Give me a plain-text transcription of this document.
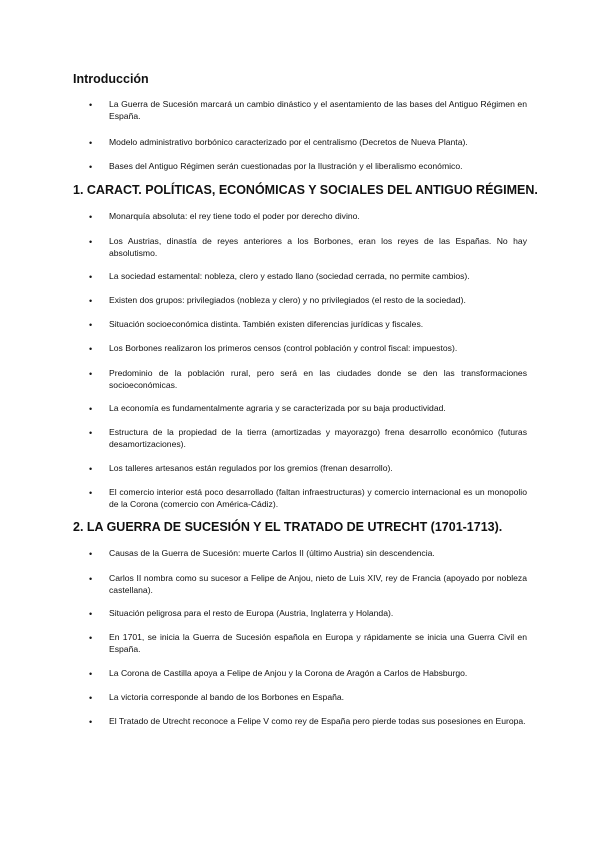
Introducción
• La Guerra de Sucesión marcará un cambio dinástico y el asentamiento de las bases del Antiguo Régimen en España.
• Modelo administrativo borbónico caracterizado por el centralismo (Decretos de Nueva Planta).
• Bases del Antiguo Régimen serán cuestionadas por la Ilustración y el liberalismo económico.
1. CARACT. POLÍTICAS, ECONÓMICAS Y SOCIALES DEL ANTIGUO RÉGIMEN.
• Monarquía absoluta: el rey tiene todo el poder por derecho divino.
• Los Austrias, dinastía de reyes anteriores a los Borbones, eran los reyes de las Españas. No hay absolutismo.
• La sociedad estamental: nobleza, clero y estado llano (sociedad cerrada, no permite cambios).
• Existen dos grupos: privilegiados (nobleza y clero) y no privilegiados (el resto de la sociedad).
• Situación socioeconómica distinta. También existen diferencias jurídicas y fiscales.
• Los Borbones realizaron los primeros censos (control población y control fiscal: impuestos).
• Predominio de la población rural, pero será en las ciudades donde se den las transformaciones socioeconómicas.
• La economía es fundamentalmente agraria y se caracterizada por su baja productividad.
• Estructura de la propiedad de la tierra (amortizadas y mayorazgo) frena desarrollo económico (futuras desamortizaciones).
• Los talleres artesanos están regulados por los gremios (frenan desarrollo).
• El comercio interior está poco desarrollado (faltan infraestructuras) y comercio internacional es un monopolio de la Corona (comercio con América-Cádiz).
2. LA GUERRA DE SUCESIÓN Y EL TRATADO DE UTRECHT (1701-1713).
• Causas de la Guerra de Sucesión: muerte Carlos II (último Austria) sin descendencia.
• Carlos II nombra como su sucesor a Felipe de Anjou, nieto de Luis XIV, rey de Francia (apoyado por nobleza castellana).
• Situación peligrosa para el resto de Europa (Austria, Inglaterra y Holanda).
• En 1701, se inicia la Guerra de Sucesión española en Europa y rápidamente se inicia una Guerra Civil en España.
• La Corona de Castilla apoya a Felipe de Anjou y la Corona de Aragón a Carlos de Habsburgo.
• La victoria corresponde al bando de los Borbones en España.
• El Tratado de Utrecht reconoce a Felipe V como rey de España pero pierde todas sus posesiones en Europa.
